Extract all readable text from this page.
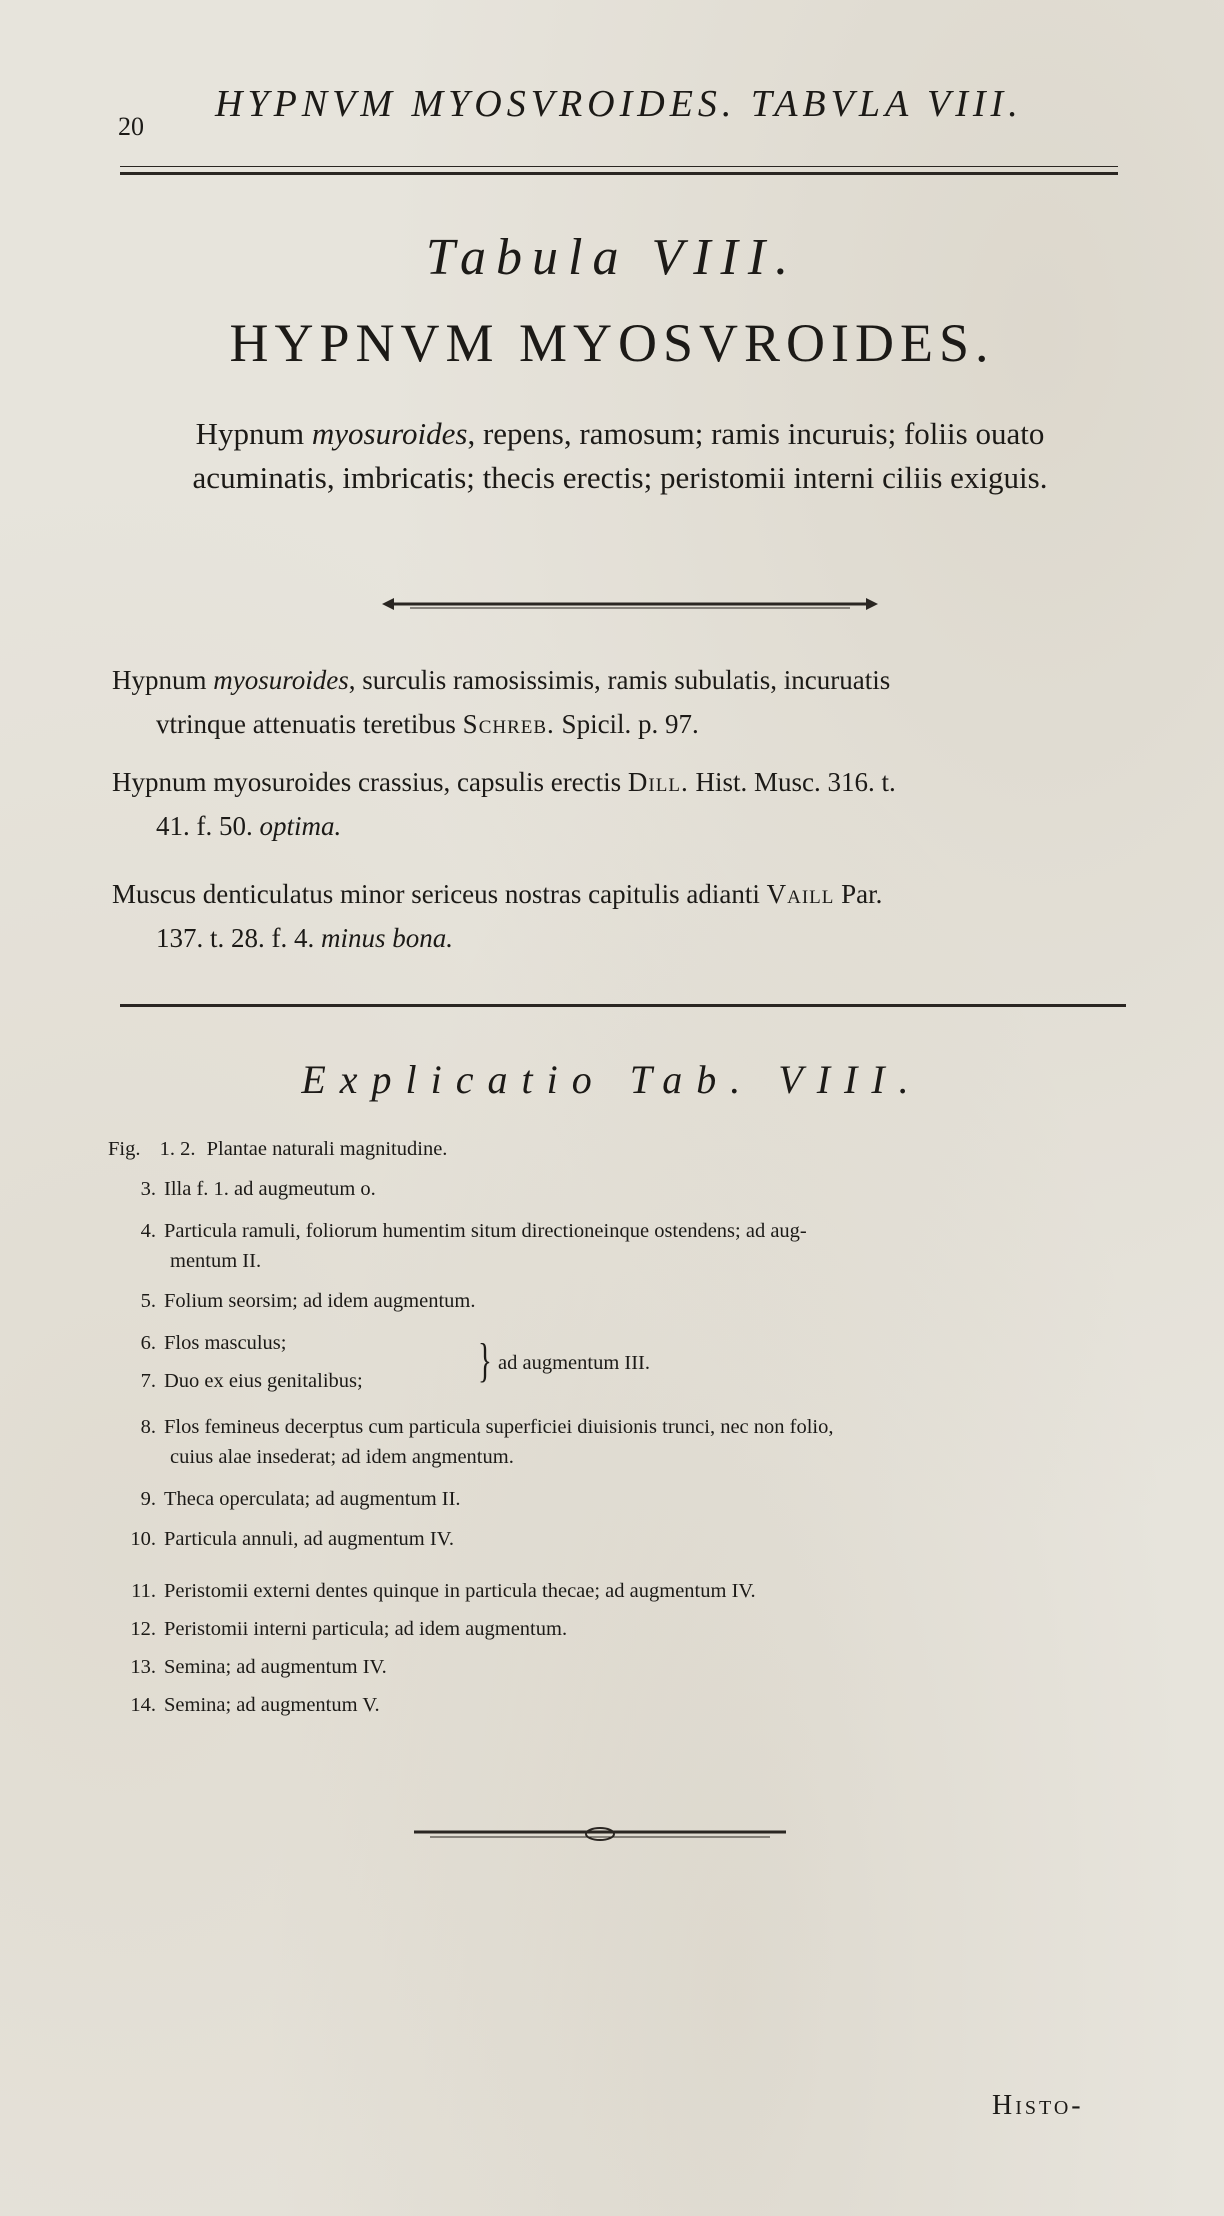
20
HYPNVM MYOSVROIDES. TABVLA VIII.
Tabula VIII.
HYPNVM MYOSVROIDES.
Hypnum myosuroides, repens, ramosum; ramis incuruis; foliis ouato acuminatis, imbricatis; thecis erectis; peristomii interni ciliis exiguis.
Hypnum myosuroides, surculis ramosissimis, ramis subulatis, incuruatis
vtrinque attenuatis teretibus Schreb. Spicil. p. 97.
Hypnum myosuroides crassius, capsulis erectis Dill. Hist. Musc. 316. t.
41. f. 50. optima.
Muscus denticulatus minor sericeus nostras capitulis adianti Vaill Par.
137. t. 28. f. 4. minus bona.
Explicatio Tab. VIII.
Fig. 1. 2. Plantae naturali magnitudine.
3. Illa f. 1. ad augmeutum o.
4. Particula ramuli, foliorum humentim situm directioneinque ostendens; ad aug-
mentum II.
5. Folium seorsim; ad idem augmentum.
6. Flos masculus;
7. Duo ex eius genitalibus; } ad augmentum III.
8. Flos femineus decerptus cum particula superficiei diuisionis trunci, nec non folio,
cuius alae insederat; ad idem angmentum.
9. Theca operculata; ad augmentum II.
10. Particula annuli, ad augmentum IV.
11. Peristomii externi dentes quinque in particula thecae; ad augmentum IV.
12. Peristomii interni particula; ad idem augmentum.
13. Semina; ad augmentum IV.
14. Semina; ad augmentum V.
Histo-
